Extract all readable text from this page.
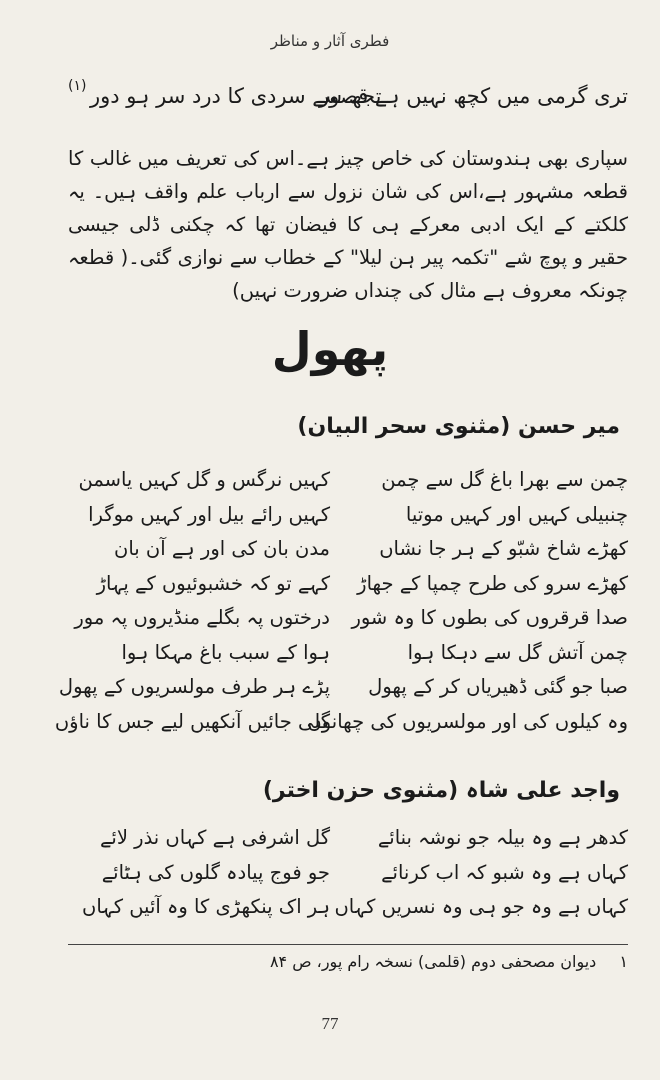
فطری آثار و مناظر
تری گرمی میں کچھ نہیں ہے قصور
تجھ سے سردی کا درد سر ہو دور
(۱)

سپاری بھی ہندوستان کی خاص چیز ہے۔اس کی تعریف میں غالب کا قطعہ مشہور ہے،اس کی شان نزول سے ارباب علم واقف ہیں۔ یہ کلکتے کے ایک ادبی معرکے ہی کا فیضان تھا کہ چکنی ڈلی جیسی حقیر و پوچ شے "تکمہ پیر ہن لیلا" کے خطاب سے نوازی گئی۔( قطعہ چونکہ معروف ہے مثال کی چنداں ضرورت نہیں)

پھول
میر حسن (مثنوی سحر البیان)
چمن سے بھرا باغ گل سے چمن
کہیں نرگس و گل کہیں یاسمن
چنبیلی کہیں اور کہیں موتیا
کہیں رائے بیل اور کہیں موگرا
کھڑے شاخ شبّو کے ہر جا نشاں
مدن بان کی اور ہے آن بان
کھڑے سرو کی طرح چمپا کے جھاڑ
کہے تو کہ خشبوئیوں کے پہاڑ
صدا قرقروں کی بطوں کا وہ شور
درختوں پہ بگلے منڈیروں پہ مور
چمن آتش گل سے دہکا ہوا
ہوا کے سبب باغ مہکا ہوا
صبا جو گئی ڈھیریاں کر کے پھول
پڑے ہر طرف مولسریوں کے پھول
وہ کیلوں کی اور مولسریوں کی چھانوں
گلی جائیں آنکھیں لیے جس کا ناؤں
واجد علی شاہ (مثنوی حزن اختر)
کدھر ہے وہ بیلہ جو نوشہ بنائے
گل اشرفی ہے کہاں نذر لائے
کہاں ہے وہ شبو کہ اب کرنائے
جو فوج پیادہ گلوں کی ہٹائے
کہاں ہے وہ جو ہی وہ نسریں کہاں
ہر اک پنکھڑی کا وہ آئیں کہاں
۱ دیوان مصحفی دوم (قلمی) نسخہ رام پور، ص ۸۴
77
